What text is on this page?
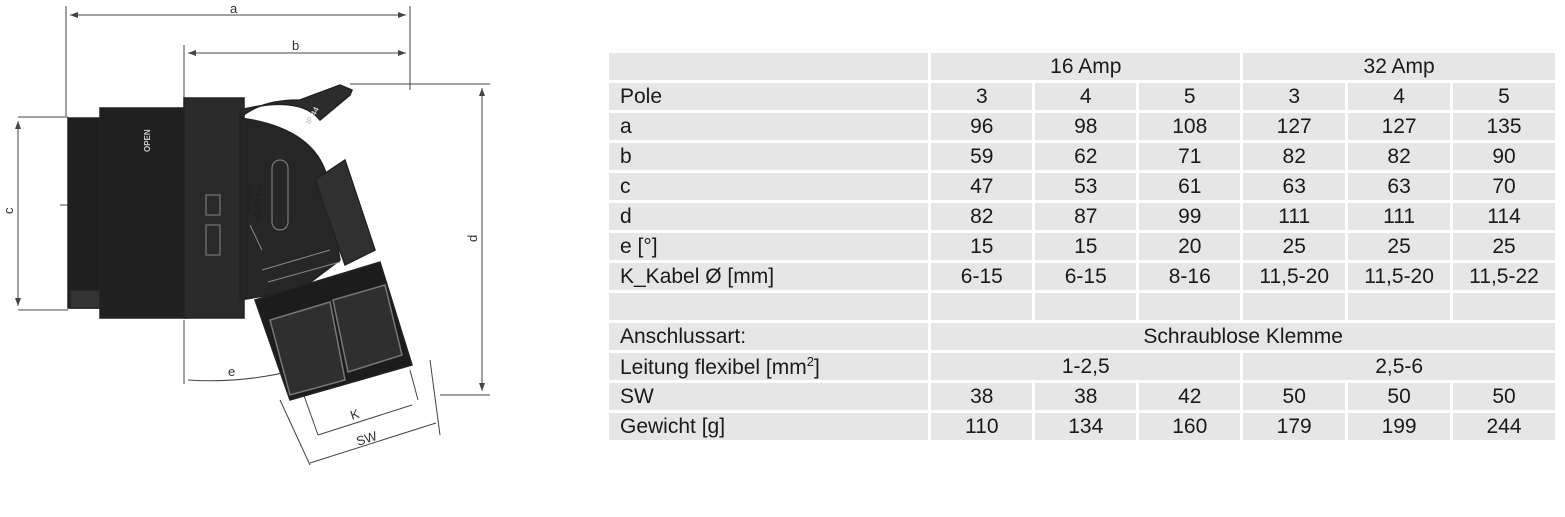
OPEN
IP 44
PRESS TO OPEN
a
b
c
d
e
K
SW
	16 Amp			32 Amp		
Pole	3	4	5	3	4	5
a	96	98	108	127	127	135
b	59	62	71	82	82	90
c	47	53	61	63	63	70
d	82	87	99	111	111	114
e [°]	15	15	20	25	25	25
K_Kabel Ø [mm]	6-15	6-15	8-16	11,5-20	11,5-20	11,5-22

Anschlussart:	Schraublose Klemme					
Leitung flexibel $[mm^2]$	1-2,5			2,5-6		
SW	38	38	42	50	50	50
Gewicht [g]	110	134	160	179	199	244
